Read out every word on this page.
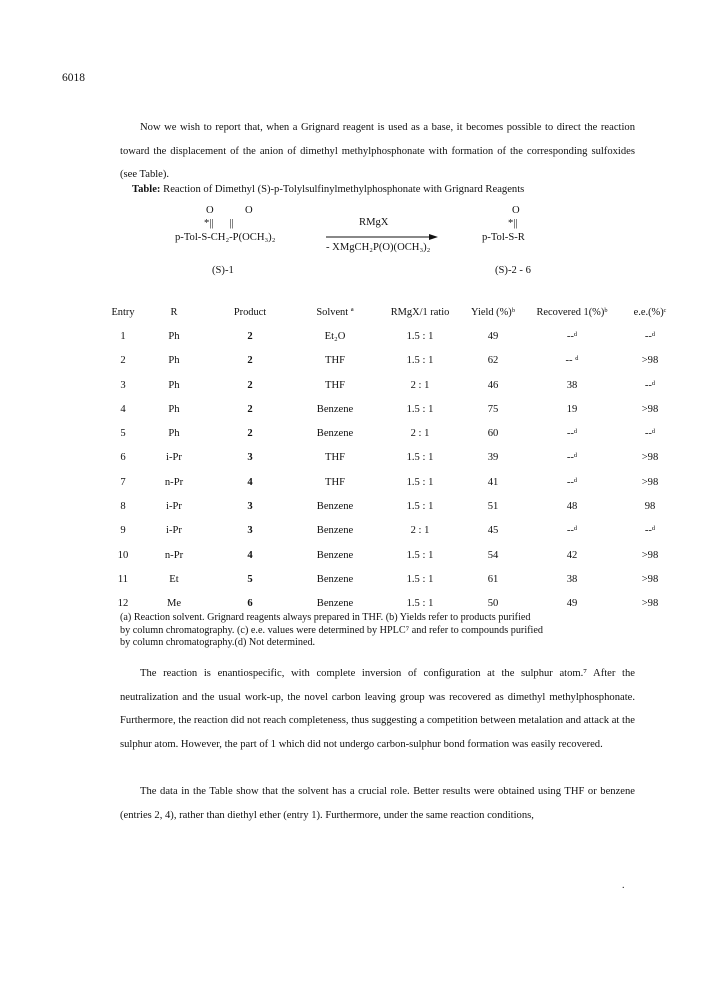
6018

Now we wish to report that, when a Grignard reagent is used as a base, it becomes possible to direct the reaction toward the displacement of the anion of dimethyl methylphosphonate with formation of the corresponding sulfoxides (see Table).

Table: Reaction of Dimethyl (S)-p-Tolylsulfinylmethylphosphonate with Grignard Reagents
O	O
*||      ||
p-Tol-S-CH₂-P(OCH₃)₂
(S)-1
RMgX
- XMgCH₂P(O)(OCH₃)₂
O
*||
p-Tol-S-R
(S)-2 - 6
Entry	R	Product	Solvent ª	RMgX/1 ratio	Yield (%)ᵇ	Recovered 1(%)ᵇ	e.e.(%)ᶜ
1	Ph	2	Et₂O	1.5 : 1	49	--ᵈ	--ᵈ
2	Ph	2	THF	1.5 : 1	62	-- ᵈ	>98
3	Ph	2	THF	2 : 1	46	38	--ᵈ
4	Ph	2	Benzene	1.5 : 1	75	19	>98
5	Ph	2	Benzene	2 : 1	60	--ᵈ	--ᵈ
6	i-Pr	3	THF	1.5 : 1	39	--ᵈ	>98
7	n-Pr	4	THF	1.5 : 1	41	--ᵈ	>98
8	i-Pr	3	Benzene	1.5 : 1	51	48	98
9	i-Pr	3	Benzene	2 : 1	45	--ᵈ	--ᵈ
10	n-Pr	4	Benzene	1.5 : 1	54	42	>98
11	Et	5	Benzene	1.5 : 1	61	38	>98
12	Me	6	Benzene	1.5 : 1	50	49	>98

(a) Reaction solvent. Grignard reagents always prepared in THF. (b) Yields refer to products purified
by column chromatography. (c) e.e. values were determined by HPLC⁷ and refer to compounds purified
by column chromatography.(d) Not determined.

The reaction is enantiospecific, with complete inversion of configuration at the sulphur atom.⁷ After the neutralization and the usual work-up, the novel carbon leaving group was recovered as dimethyl methylphosphonate. Furthermore, the reaction did not reach completeness, thus suggesting a competition between metalation and attack at the sulphur atom. However, the part of 1 which did not undergo carbon-sulphur bond formation was easily recovered.

The data in the Table show that the solvent has a crucial role. Better results were obtained using THF or benzene (entries 2, 4), rather than diethyl ether (entry 1). Furthermore, under the same reaction conditions,

.
